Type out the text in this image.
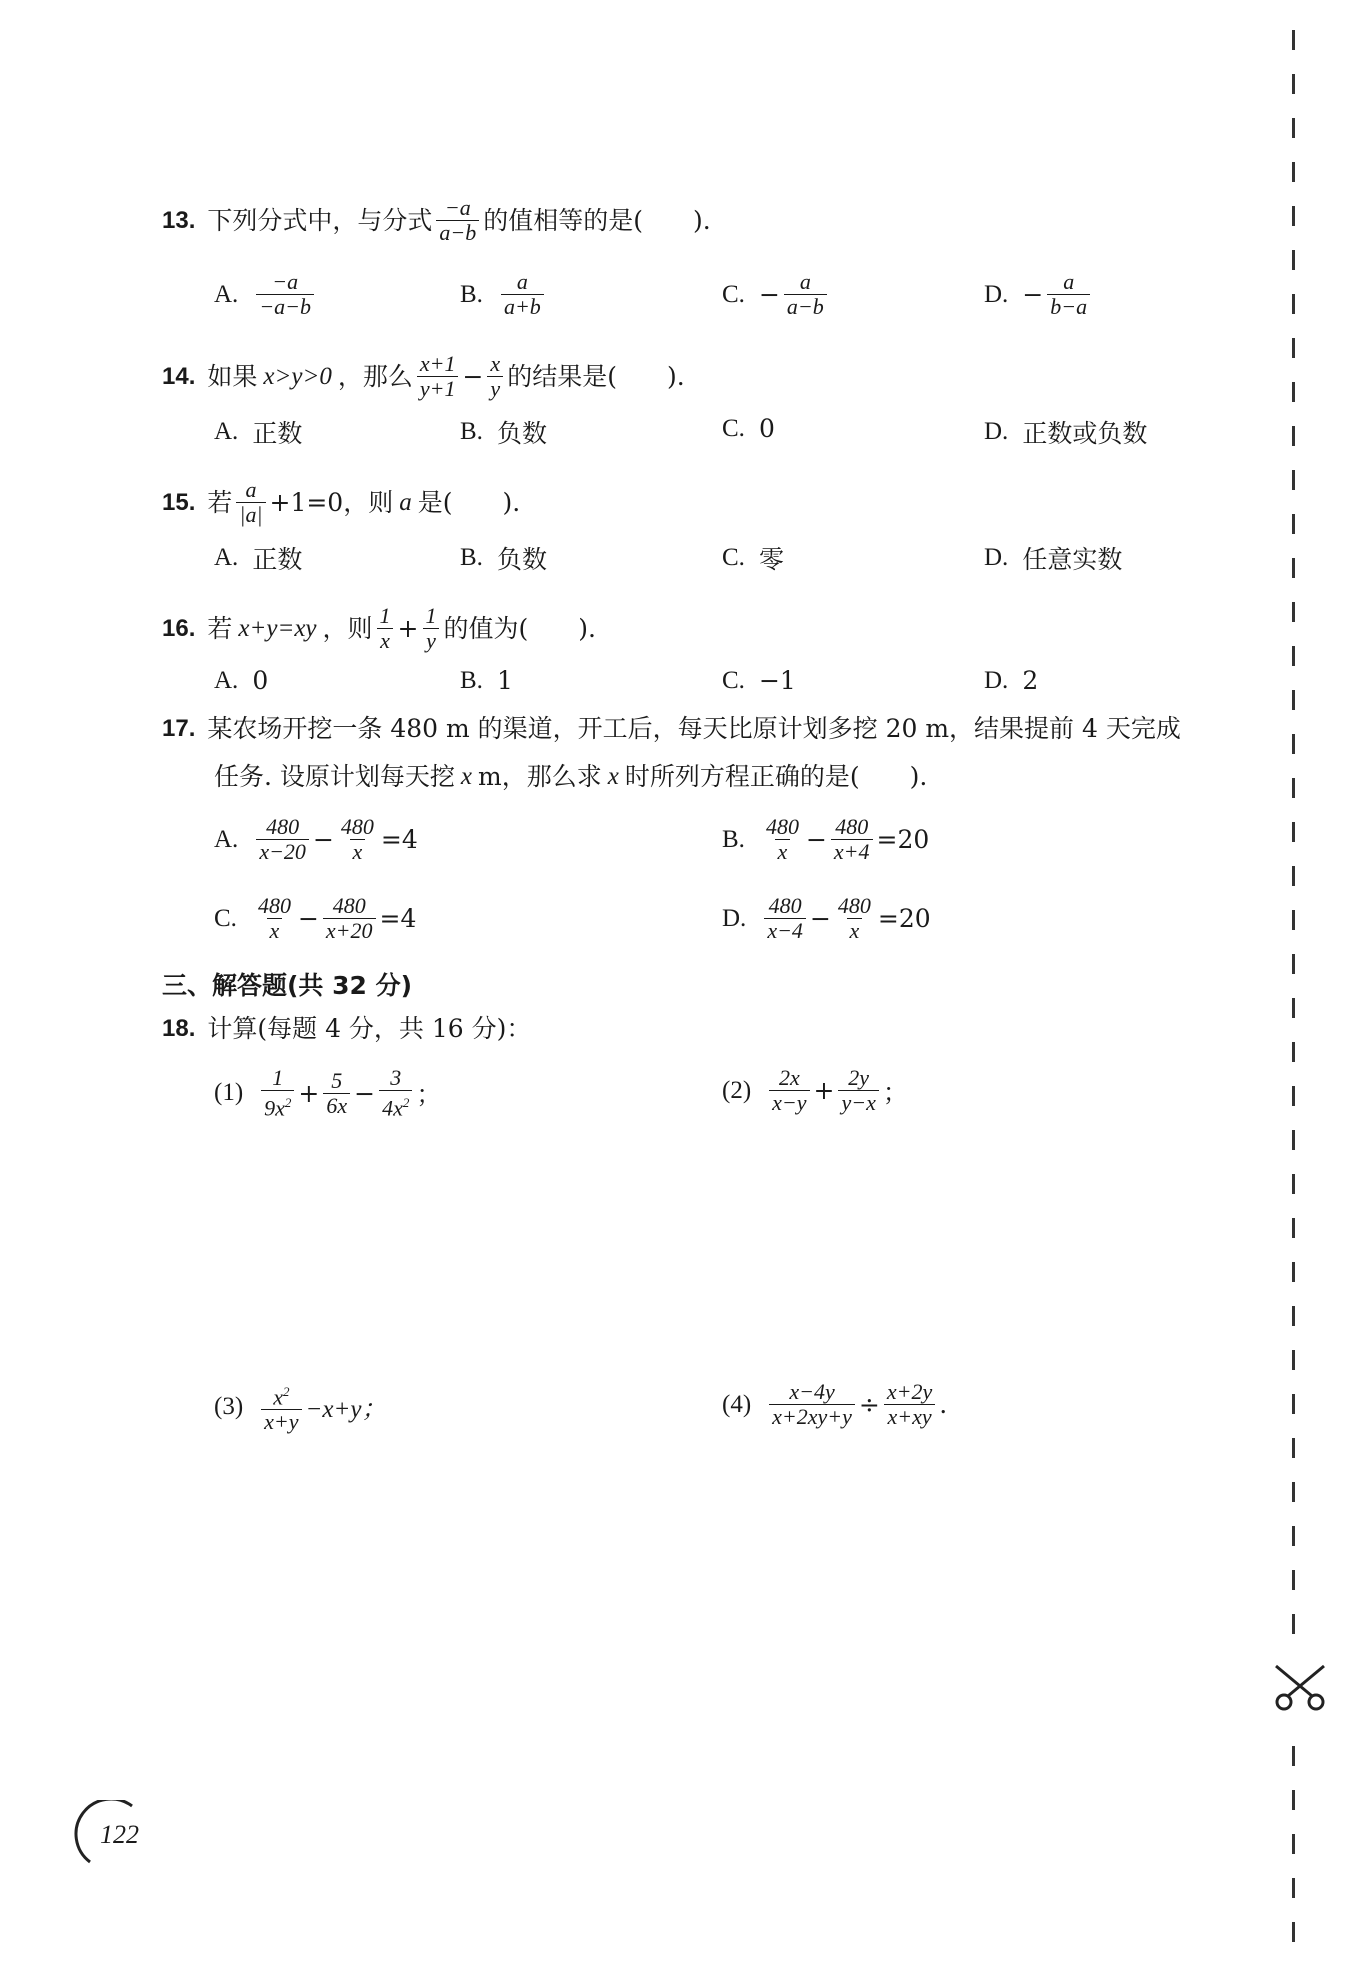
13. 下列分式中，与分式 $\frac{-a}{a-b}$ 的值相等的是( ).
A. $\frac{-a}{-a-b}$	B. $\frac{a}{a+b}$	C. − $\frac{a}{a-b}$	D. − $\frac{a}{b-a}$
14. 如果 x>y>0 ，那么 $\frac{x+1}{y+1} - \frac{x}{y}$ 的结果是( ).
A. 正数	B. 负数	C. 0	D. 正数或负数
15. 若 $\frac{a}{|a|} +1=0$，则 a 是( ).
A. 正数	B. 负数	C. 零	D. 任意实数
16. 若 x+y=xy ，则 $\frac{1}{x} + \frac{1}{y}$ 的值为( ).
A. 0	B. 1	C. −1	D. 2
17. 某农场开挖一条 480 m 的渠道，开工后，每天比原计划多挖 20 m，结果提前 4 天完成
任务. 设原计划每天挖 x m，那么求 x 时所列方程正确的是( ).
A. $\frac{480}{x-20} - \frac{480}{x} =4$	B. $\frac{480}{x} - \frac{480}{x+4} =20$
C. $\frac{480}{x} - \frac{480}{x+20} =4$	D. $\frac{480}{x-4} - \frac{480}{x} =20$
三、解答题(共 32 分)
18. 计算(每题 4 分，共 16 分)：
$(1) \frac{1}{9x^2} + \frac{5}{6x} - \frac{3}{4x^2}$ ；	$(2) \frac{2x}{x-y} + \frac{2y}{y-x}$ ；
$(3) \frac{x^2}{x+y} -x+y$；	$(4) \frac{x-4y}{x+2xy+y} \div \frac{x+2y}{x+xy}$ .
122
